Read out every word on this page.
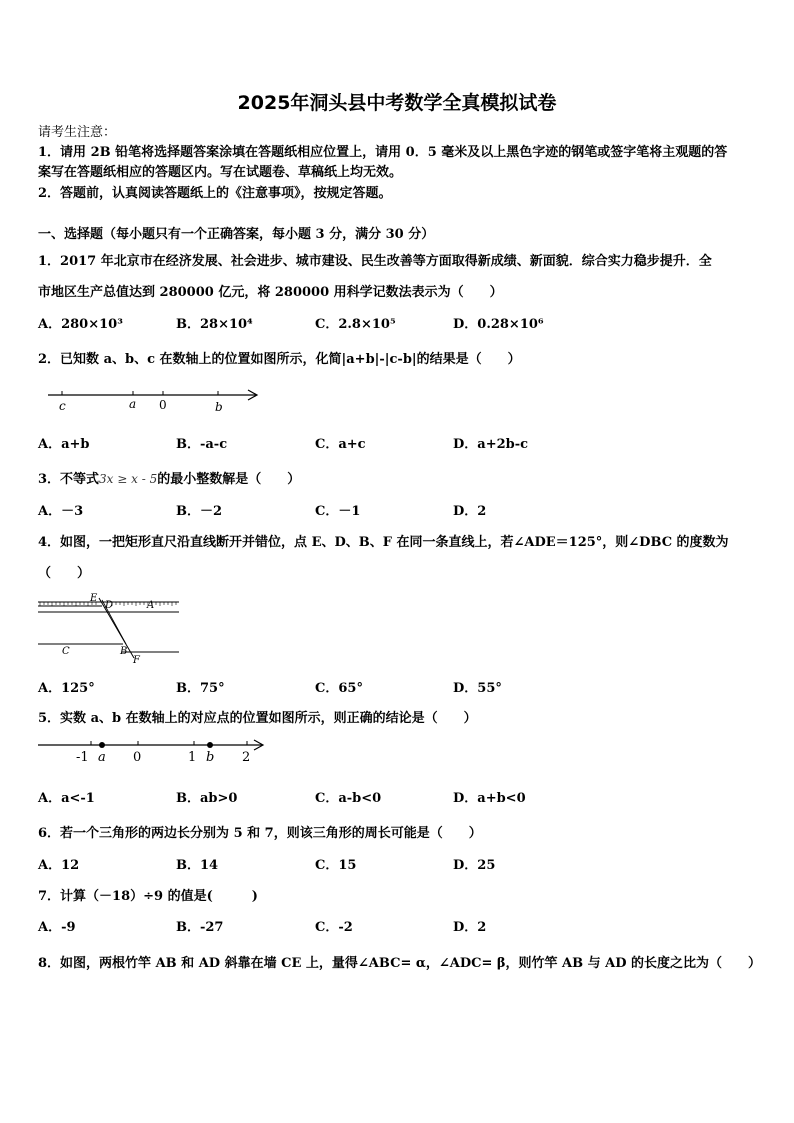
2025年洞头县中考数学全真模拟试卷
请考生注意：
1．请用 2B 铅笔将选择题答案涂填在答题纸相应位置上，请用 0．5 毫米及以上黑色字迹的钢笔或签字笔将主观题的答
案写在答题纸相应的答题区内。写在试题卷、草稿纸上均无效。
2．答题前，认真阅读答题纸上的《注意事项》，按规定答题。
一、选择题（每小题只有一个正确答案，每小题 3 分，满分 30 分）
1．2017 年北京市在经济发展、社会进步、城市建设、民生改善等方面取得新成绩、新面貌．综合实力稳步提升．全
市地区生产总值达到 280000 亿元，将 280000 用科学记数法表示为（　　）
A．280×10³	B．28×10⁴	C．2.8×10⁵	D．0.28×10⁶
2．已知数 a、b、c 在数轴上的位置如图所示，化简|a+b|-|c-b|的结果是（　　）
c	a 0	b
A．a+b	B．-a-c	C．a+c	D．a+2b-c
3．不等式3x ≥ x - 5的最小整数解是（　　）
A．－3	B．－2	C．－1	D．2
4．如图，一把矩形直尺沿直线断开并错位，点 E、D、B、F 在同一条直线上，若∠ADE＝125°，则∠DBC 的度数为
（　　）
E
D	A
C	B
F
A．125°	B．75°	C．65°	D．55°
5．实数 a、b 在数轴上的对应点的位置如图所示，则正确的结论是（　　）
-1 a 0	1 b 2
A．a<-1	B．ab>0	C．a-b<0	D．a+b<0
6．若一个三角形的两边长分别为 5 和 7，则该三角形的周长可能是（　　）
A．12	B．14	C．15	D．25
7．计算（－18）÷9 的值是(　　　)
A．-9	B．-27	C．-2	D．2
8．如图，两根竹竿 AB 和 AD 斜靠在墙 CE 上，量得∠ABC= α，∠ADC= β，则竹竿 AB 与 AD 的长度之比为（　　）
